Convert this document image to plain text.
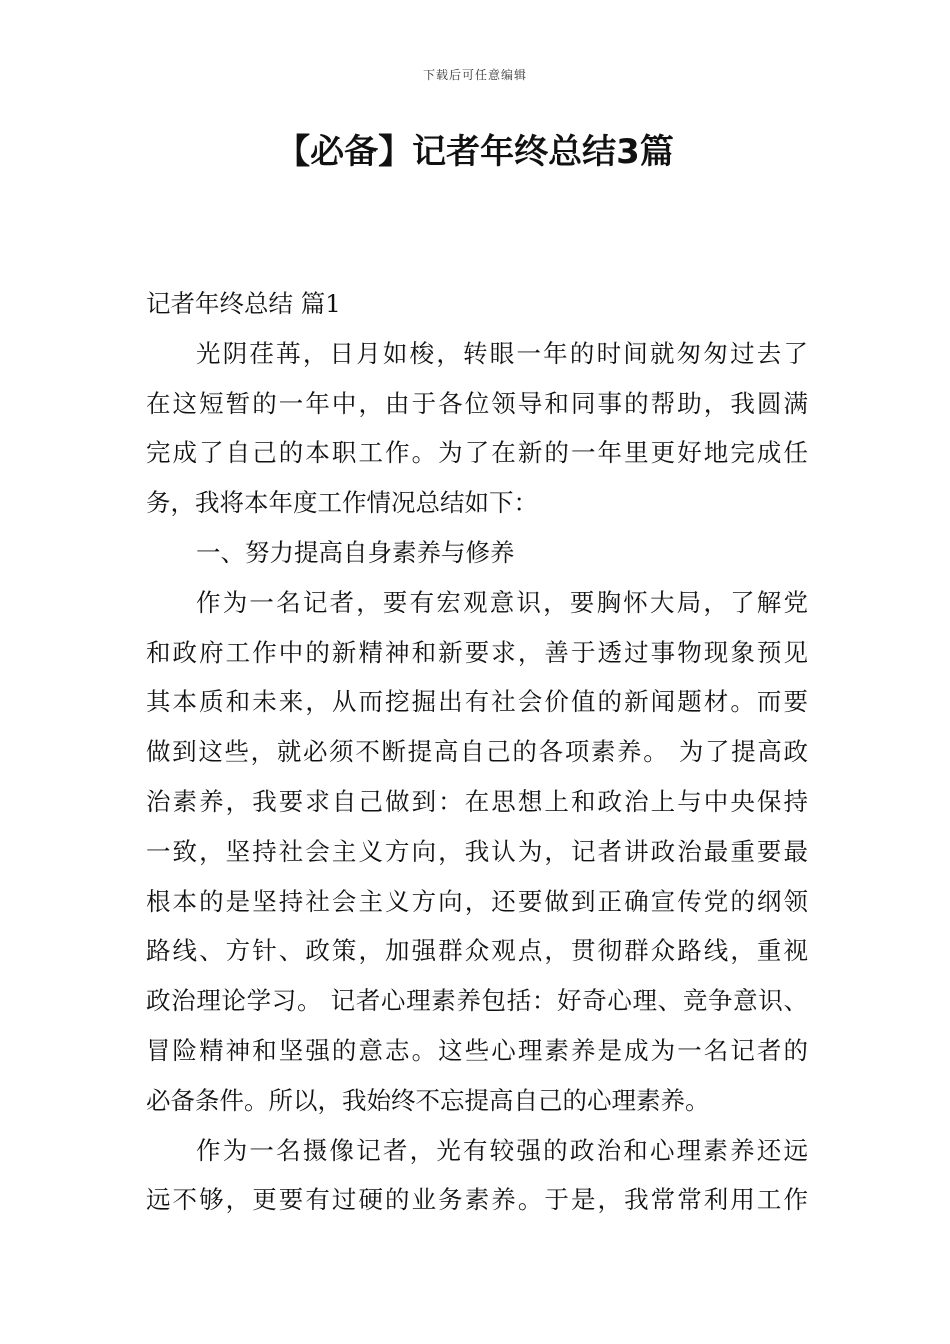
下载后可任意编辑
【必备】记者年终总结3篇
记者年终总结 篇1
光阴荏苒，日月如梭，转眼一年的时间就匆匆过去了
在这短暂的一年中，由于各位领导和同事的帮助，我圆满
完成了自己的本职工作。为了在新的一年里更好地完成任
务，我将本年度工作情况总结如下：
一、努力提高自身素养与修养
作为一名记者，要有宏观意识，要胸怀大局，了解党
和政府工作中的新精神和新要求，善于透过事物现象预见
其本质和未来，从而挖掘出有社会价值的新闻题材。而要
做到这些，就必须不断提高自己的各项素养。 为了提高政
治素养，我要求自己做到：在思想上和政治上与中央保持
一致，坚持社会主义方向，我认为，记者讲政治最重要最
根本的是坚持社会主义方向，还要做到正确宣传党的纲领
路线、方针、政策，加强群众观点，贯彻群众路线，重视
政治理论学习。 记者心理素养包括：好奇心理、竞争意识、
冒险精神和坚强的意志。这些心理素养是成为一名记者的
必备条件。所以，我始终不忘提高自己的心理素养。
作为一名摄像记者，光有较强的政治和心理素养还远
远不够，更要有过硬的业务素养。于是，我常常利用工作
